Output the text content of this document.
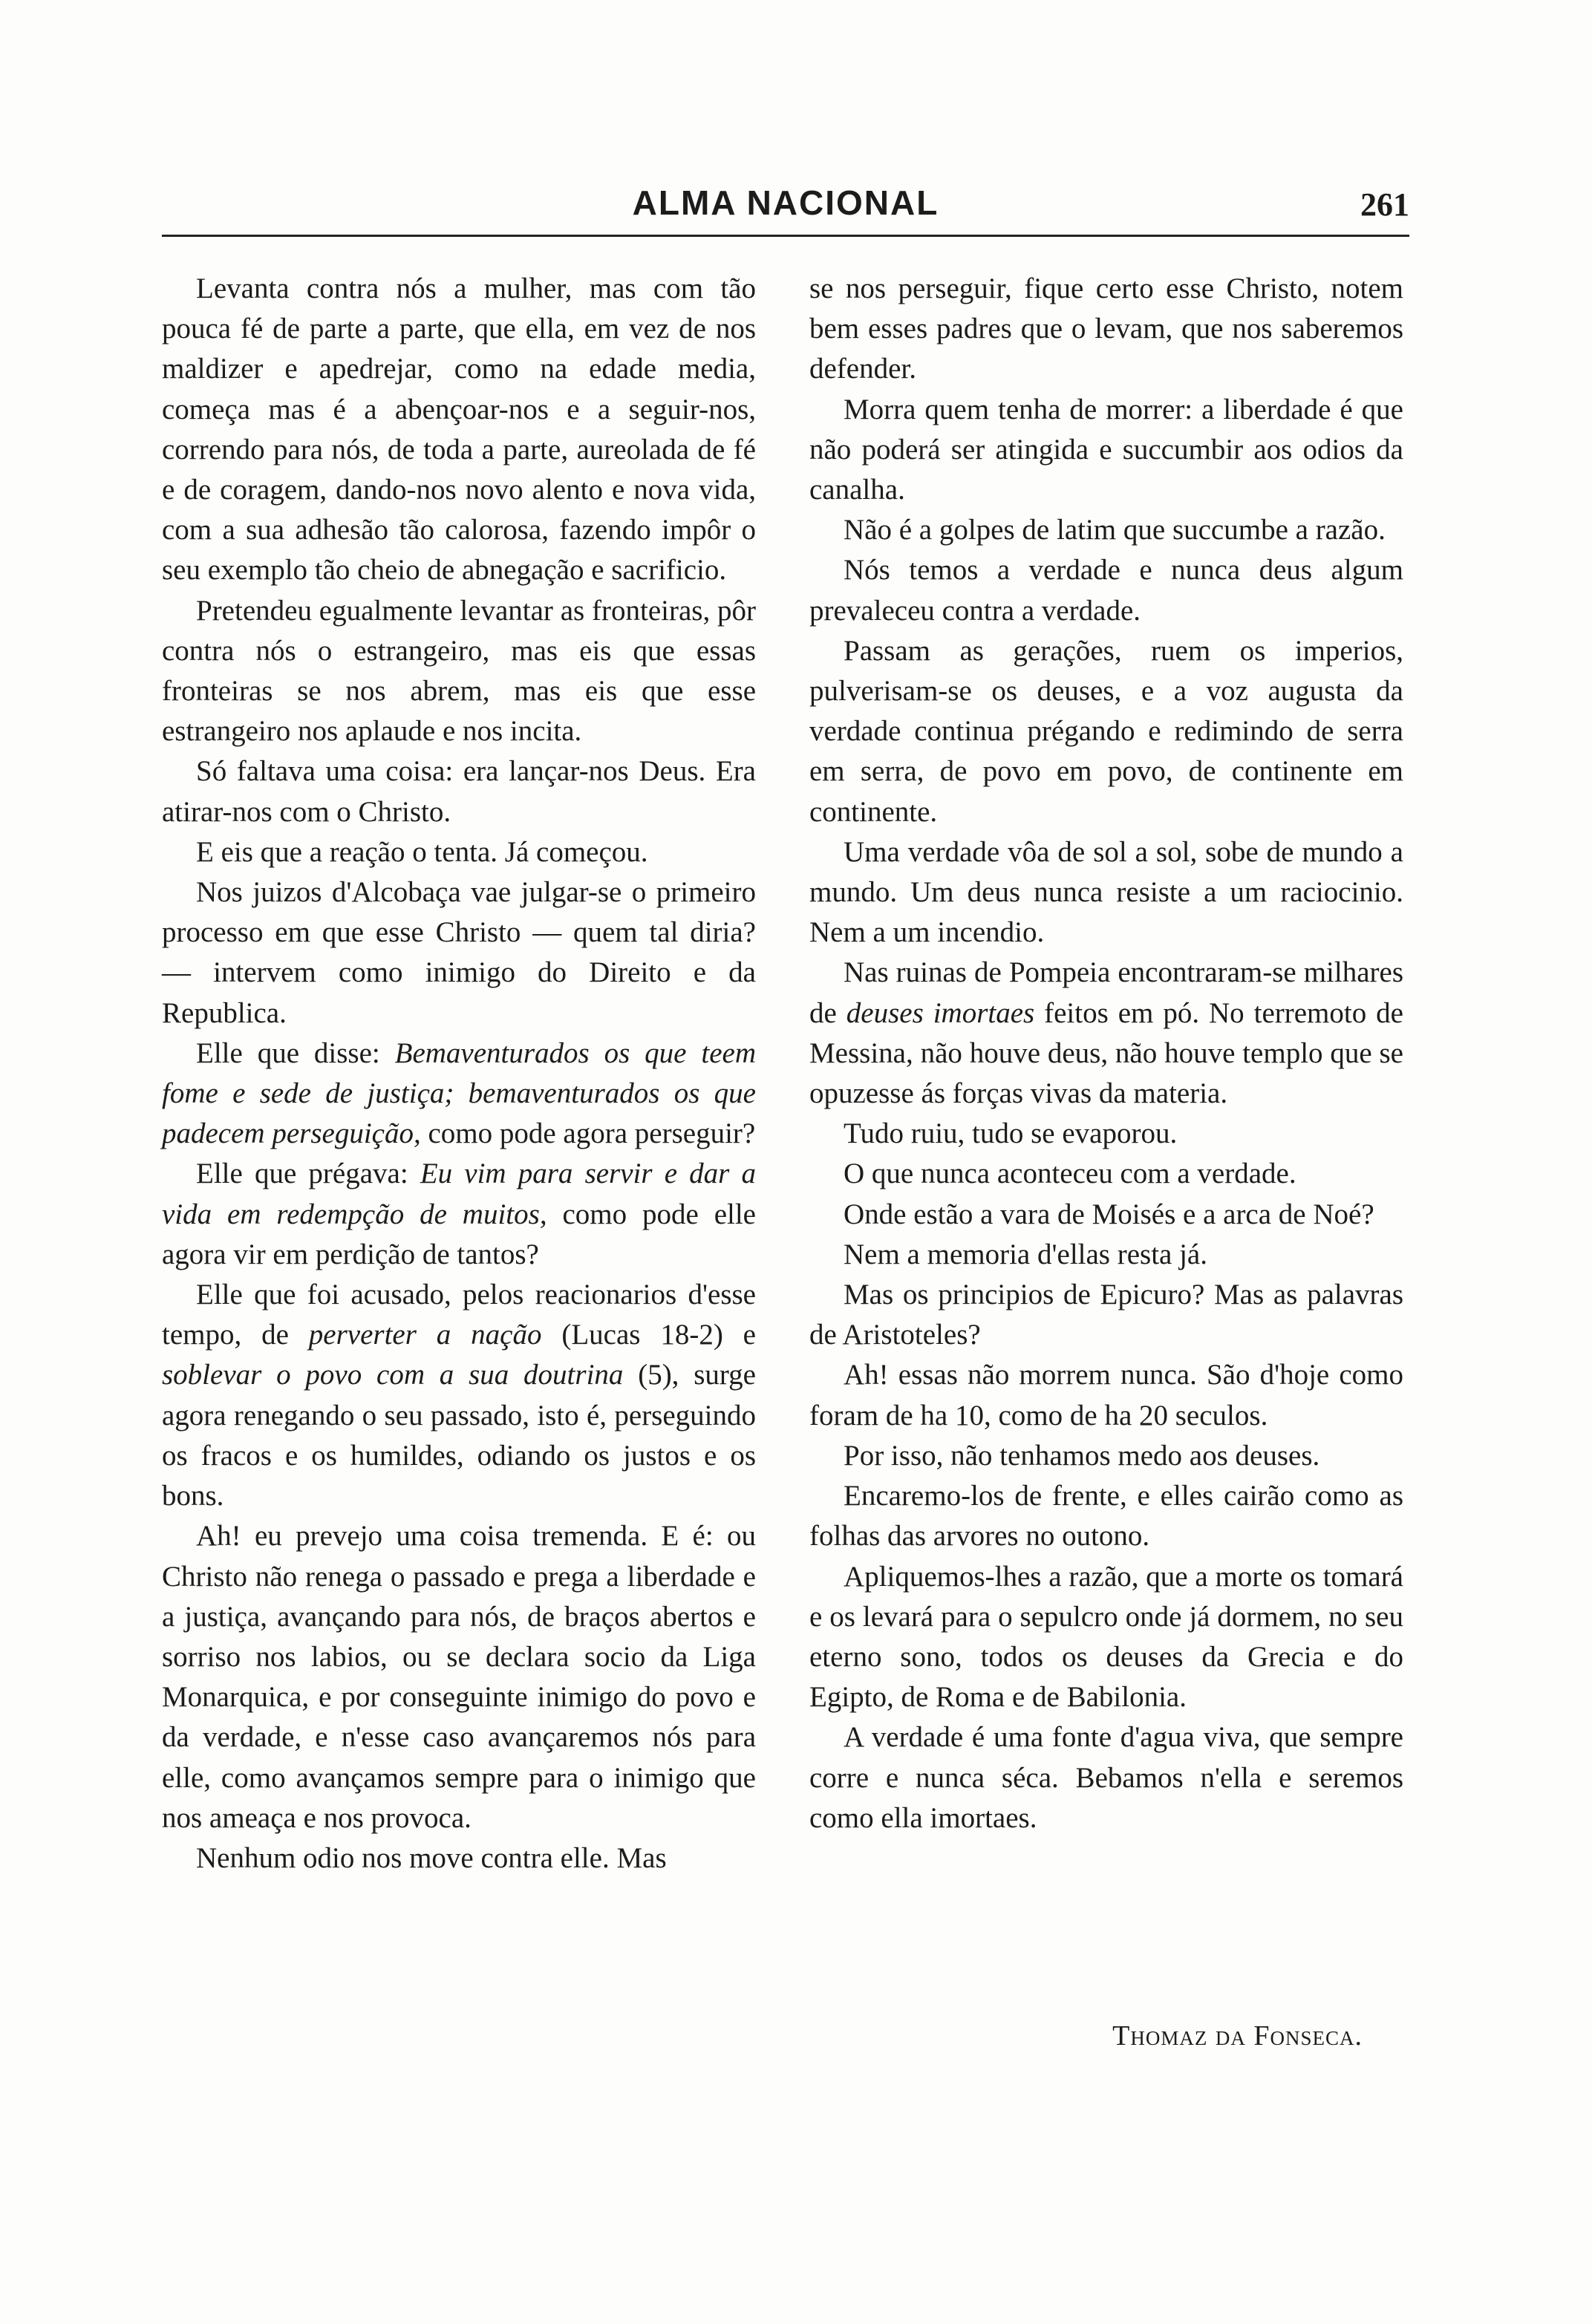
ALMA NACIONAL	261

Levanta contra nós a mulher, mas com tão pouca fé de parte a parte, que ella, em vez de nos maldizer e apedrejar, como na edade media, começa mas é a abençoar-nos e a seguir-nos, correndo para nós, de toda a parte, aureolada de fé e de coragem, dando-nos novo alento e nova vida, com a sua adhesão tão calorosa, fazendo impôr o seu exemplo tão cheio de abnegação e sacrificio.

Pretendeu egualmente levantar as fronteiras, pôr contra nós o estrangeiro, mas eis que essas fronteiras se nos abrem, mas eis que esse estrangeiro nos aplaude e nos incita.

Só faltava uma coisa: era lançar-nos Deus. Era atirar-nos com o Christo.

E eis que a reação o tenta. Já começou.

Nos juizos d'Alcobaça vae julgar-se o primeiro processo em que esse Christo — quem tal diria? — intervem como inimigo do Direito e da Republica.

Elle que disse: Bemaventurados os que teem fome e sede de justiça; bemaventurados os que padecem perseguição, como pode agora perseguir?

Elle que prégava: Eu vim para servir e dar a vida em redempção de muitos, como pode elle agora vir em perdição de tantos?

Elle que foi acusado, pelos reacionarios d'esse tempo, de perverter a nação (Lucas 18-2) e soblevar o povo com a sua doutrina (5), surge agora renegando o seu passado, isto é, perseguindo os fracos e os humildes, odiando os justos e os bons.

Ah! eu prevejo uma coisa tremenda. E é: ou Christo não renega o passado e prega a liberdade e a justiça, avançando para nós, de braços abertos e sorriso nos labios, ou se declara socio da Liga Monarquica, e por conseguinte inimigo do povo e da verdade, e n'esse caso avançaremos nós para elle, como avançamos sempre para o inimigo que nos ameaça e nos provoca.

Nenhum odio nos move contra elle. Mas

se nos perseguir, fique certo esse Christo, notem bem esses padres que o levam, que nos saberemos defender.

Morra quem tenha de morrer: a liberdade é que não poderá ser atingida e succumbir aos odios da canalha.

Não é a golpes de latim que succumbe a razão.

Nós temos a verdade e nunca deus algum prevaleceu contra a verdade.

Passam as gerações, ruem os imperios, pulverisam-se os deuses, e a voz augusta da verdade continua prégando e redimindo de serra em serra, de povo em povo, de continente em continente.

Uma verdade vôa de sol a sol, sobe de mundo a mundo. Um deus nunca resiste a um raciocinio. Nem a um incendio.

Nas ruinas de Pompeia encontraram-se milhares de deuses imortaes feitos em pó. No terremoto de Messina, não houve deus, não houve templo que se opuzesse ás forças vivas da materia.

Tudo ruiu, tudo se evaporou.

O que nunca aconteceu com a verdade.

Onde estão a vara de Moisés e a arca de Noé?

Nem a memoria d'ellas resta já.

Mas os principios de Epicuro? Mas as palavras de Aristoteles?

Ah! essas não morrem nunca. São d'hoje como foram de ha 10, como de ha 20 seculos.

Por isso, não tenhamos medo aos deuses.

Encaremo-los de frente, e elles cairão como as folhas das arvores no outono.

Apliquemos-lhes a razão, que a morte os tomará e os levará para o sepulcro onde já dormem, no seu eterno sono, todos os deuses da Grecia e do Egipto, de Roma e de Babilonia.

A verdade é uma fonte d'agua viva, que sempre corre e nunca séca. Bebamos n'ella e seremos como ella imortaes.

Thomaz da Fonseca.
